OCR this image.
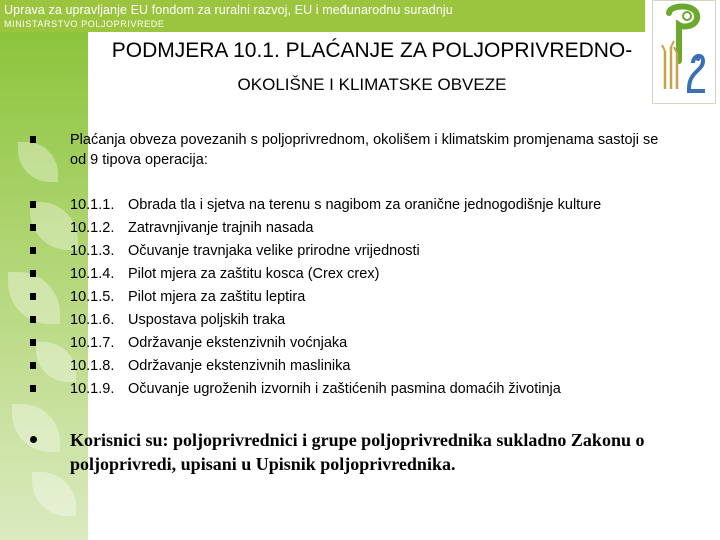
Uprava za upravljanje EU fondom za ruralni razvoj, EU i međunarodnu suradnju
MINISTARSTVO POLJOPRIVREDE
PODMJERA 10.1. PLAĆANJE ZA POLJOPRIVREDNO-
OKOLIŠNE I KLIMATSKE OBVEZE
Plaćanja obveza povezanih s poljoprivrednom, okolišem i klimatskim promjenama sastoji se od 9 tipova operacija:
10.1.1. Obrada tla i sjetva na terenu s nagibom za oranične jednogodišnje kulture
10.1.2. Zatravnjivanje trajnih nasada
10.1.3. Očuvanje travnjaka velike prirodne vrijednosti
10.1.4. Pilot mjera za zaštitu kosca (Crex crex)
10.1.5. Pilot mjera za zaštitu leptira
10.1.6. Uspostava poljskih traka
10.1.7. Održavanje ekstenzivnih voćnjaka
10.1.8. Održavanje ekstenzivnih maslinika
10.1.9. Očuvanje ugroženih izvornih i zaštićenih pasmina domaćih životinja
Korisnici su: poljoprivrednici i grupe poljoprivrednika sukladno Zakonu o poljoprivredi, upisani u Upisnik poljoprivrednika.
